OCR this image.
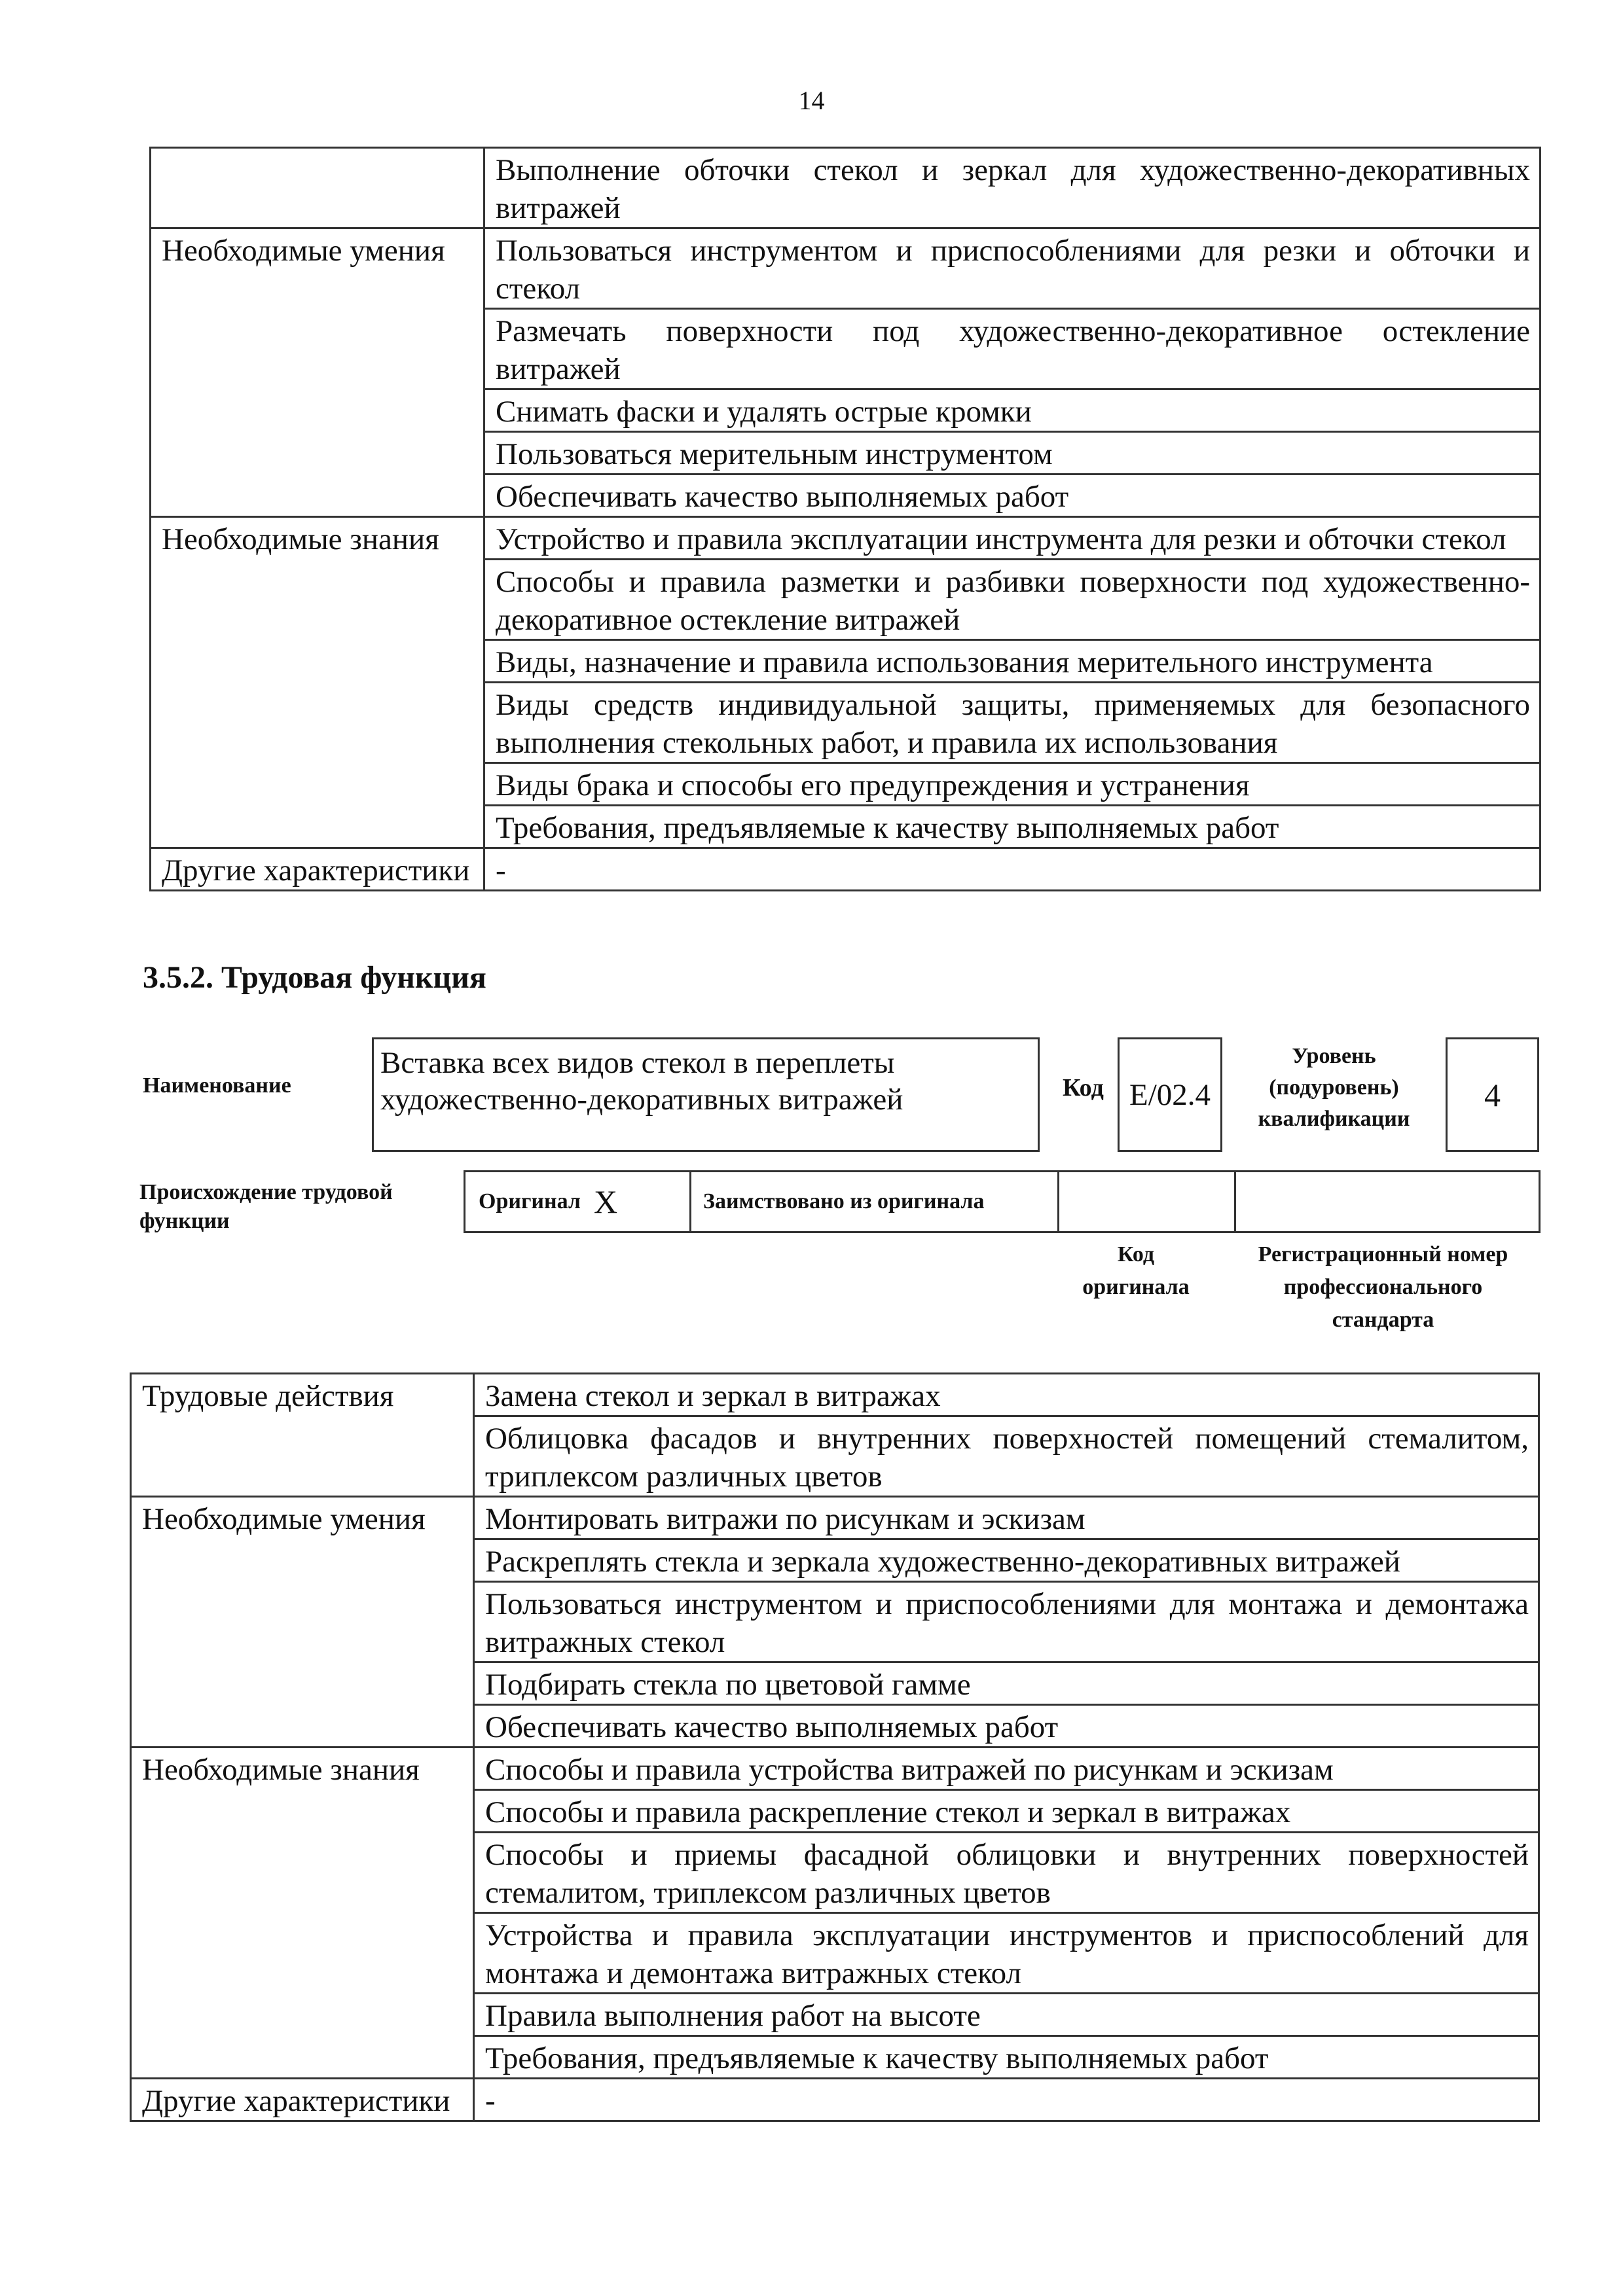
14
	Выполнение обточки стекол и зеркал для художественно-декоративных витражей
Необходимые умения	Пользоваться инструментом и приспособлениями для резки и обточки и стекол
	Размечать поверхности под художественно-декоративное остекление витражей
	Снимать фаски и удалять острые кромки
	Пользоваться мерительным инструментом
	Обеспечивать качество выполняемых работ
Необходимые знания	Устройство и правила эксплуатации инструмента для резки и обточки стекол
	Способы и правила разметки и разбивки поверхности под художественно-декоративное остекление витражей
	Виды, назначение и правила использования мерительного инструмента
	Виды средств индивидуальной защиты, применяемых для безопасного выполнения стекольных работ, и правила их использования
	Виды брака и способы его предупреждения и устранения
	Требования, предъявляемые к качеству выполняемых работ
Другие характеристики	-
3.5.2. Трудовая функция
Наименование
Вставка всех видов стекол в переплеты художественно-декоративных витражей	Код E/02.4
Уровень
(подуровень)
квалификации
4
Происхождение трудовой
функции
Оригинал X	Заимствовано из оригинала
Код
оригинала
Регистрационный номер
профессионального
стандарта
Трудовые действия	Замена стекол и зеркал в витражах
	Облицовка фасадов и внутренних поверхностей помещений стемалитом, триплексом различных цветов
Необходимые умения	Монтировать витражи по рисункам и эскизам
	Раскреплять стекла и зеркала художественно-декоративных витражей
	Пользоваться инструментом и приспособлениями для монтажа и демонтажа витражных стекол
	Подбирать стекла по цветовой гамме
	Обеспечивать качество выполняемых работ
Необходимые знания	Способы и правила устройства витражей по рисункам и эскизам
	Способы и правила раскрепление стекол и зеркал в витражах
	Способы и приемы фасадной облицовки и внутренних поверхностей стемалитом, триплексом различных цветов
	Устройства и правила эксплуатации инструментов и приспособлений для монтажа и демонтажа витражных стекол
	Правила выполнения работ на высоте
	Требования, предъявляемые к качеству выполняемых работ
Другие характеристики	-
